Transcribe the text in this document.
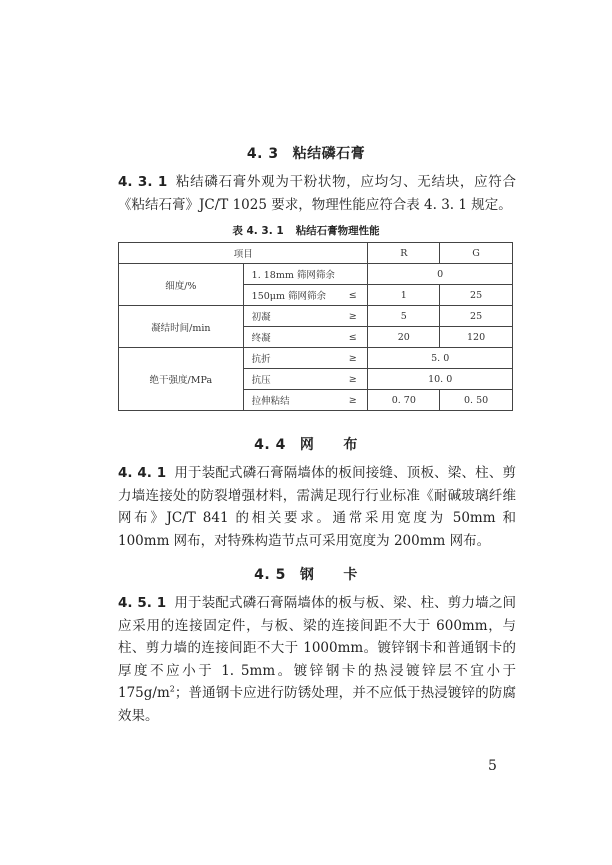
4. 3 粘结磷石膏
4. 3. 1 粘结磷石膏外观为干粉状物，应均匀、无结块，应符合《粘结石膏》JC/T 1025 要求，物理性能应符合表 4. 3. 1 规定。
表 4. 3. 1 粘结石膏物理性能
项目			R	G
细度/%	1. 18mm 筛网筛余		0	
	150μm 筛网筛余	≤	1	25
凝结时间/min	初凝	≥	5	25
	终凝	≤	20	120
绝干强度/MPa	抗折	≥	5. 0	
	抗压	≥	10. 0	
	拉伸粘结	≥	0. 70	0. 50
4. 4 网　　布
4. 4. 1 用于装配式磷石膏隔墙体的板间接缝、顶板、梁、柱、剪力墙连接处的防裂增强材料，需满足现行行业标准《耐碱玻璃纤维网布》JC/T 841 的相关要求。通常采用宽度为 50mm 和 100mm 网布，对特殊构造节点可采用宽度为 200mm 网布。
4. 5 钢　　卡
4. 5. 1 用于装配式磷石膏隔墙体的板与板、梁、柱、剪力墙之间应采用的连接固定件，与板、梁的连接间距不大于 600mm，与柱、剪力墙的连接间距不大于 1000mm。镀锌钢卡和普通钢卡的厚度不应小于 1. 5mm。镀锌钢卡的热浸镀锌层不宜小于 $175g/m^2$；普通钢卡应进行防锈处理，并不应低于热浸镀锌的防腐效果。
5
